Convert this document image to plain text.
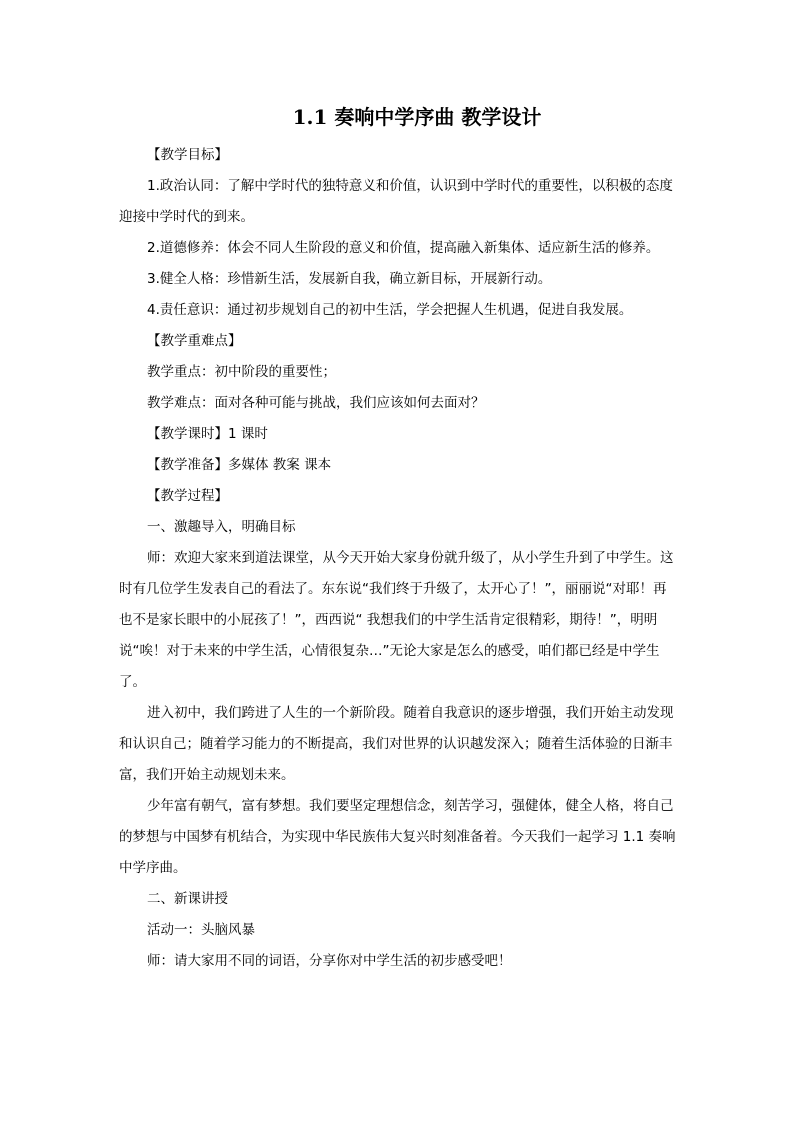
1.1 奏响中学序曲 教学设计

【教学目标】

1.政治认同：了解中学时代的独特意义和价值，认识到中学时代的重要性，以积极的态度迎接中学时代的到来。

2.道德修养：体会不同人生阶段的意义和价值，提高融入新集体、适应新生活的修养。

3.健全人格：珍惜新生活，发展新自我，确立新目标，开展新行动。

4.责任意识：通过初步规划自己的初中生活，学会把握人生机遇，促进自我发展。

【教学重难点】

教学重点：初中阶段的重要性；

教学难点：面对各种可能与挑战，我们应该如何去面对？

【教学课时】1 课时

【教学准备】多媒体 教案 课本

【教学过程】

一、激趣导入，明确目标

师：欢迎大家来到道法课堂，从今天开始大家身份就升级了，从小学生升到了中学生。这时有几位学生发表自己的看法了。东东说“我们终于升级了，太开心了！”，丽丽说“对耶！再也不是家长眼中的小屁孩了！”，西西说“ 我想我们的中学生活肯定很精彩，期待！”，明明说“唉！对于未来的中学生活，心情很复杂…”无论大家是怎么的感受，咱们都已经是中学生了。

进入初中，我们跨进了人生的一个新阶段。随着自我意识的逐步增强，我们开始主动发现和认识自己；随着学习能力的不断提高，我们对世界的认识越发深入；随着生活体验的日渐丰富，我们开始主动规划未来。

少年富有朝气，富有梦想。我们要坚定理想信念，刻苦学习，强健体，健全人格，将自己的梦想与中国梦有机结合，为实现中华民族伟大复兴时刻准备着。今天我们一起学习 1.1 奏响中学序曲。

二、新课讲授

活动一：头脑风暴

师：请大家用不同的词语，分享你对中学生活的初步感受吧！
